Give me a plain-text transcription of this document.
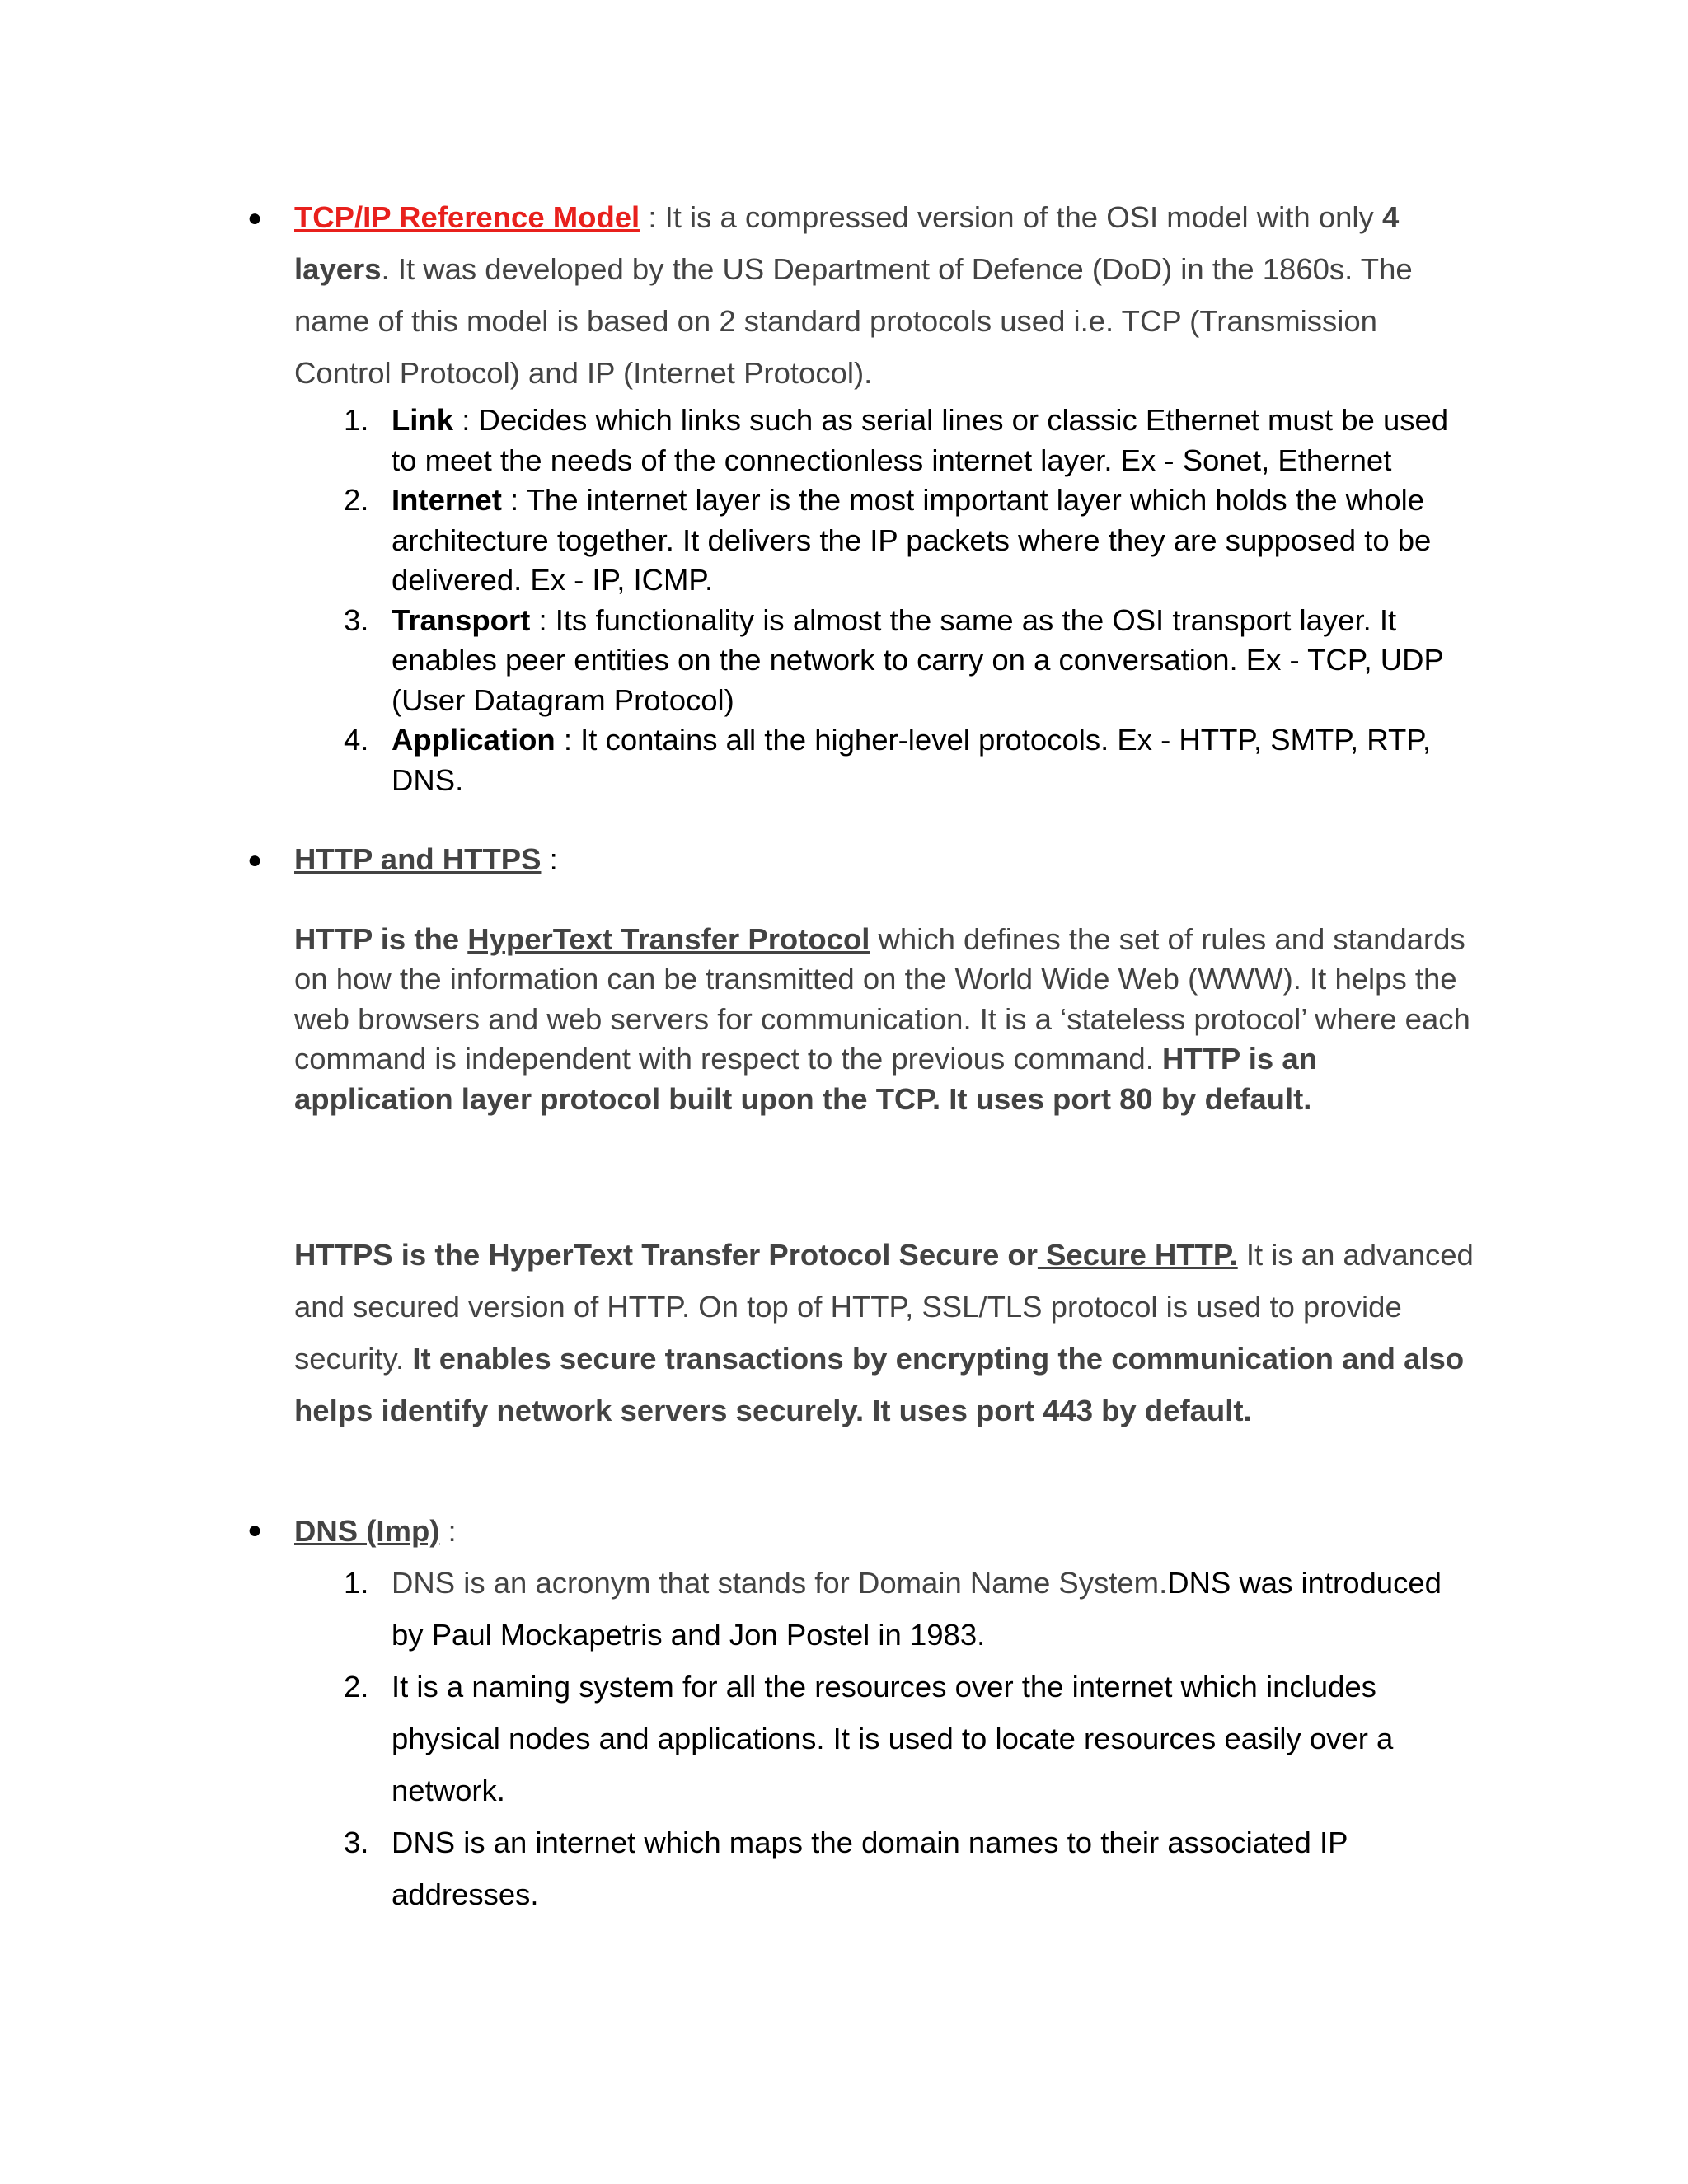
● TCP/IP Reference Model : It is a compressed version of the OSI model with only 4 layers. It was developed by the US Department of Defence (DoD) in the 1860s. The name of this model is based on 2 standard protocols used i.e. TCP (Transmission Control Protocol) and IP (Internet Protocol).

1. Link : Decides which links such as serial lines or classic Ethernet must be used to meet the needs of the connectionless internet layer. Ex - Sonet, Ethernet
2. Internet : The internet layer is the most important layer which holds the whole architecture together. It delivers the IP packets where they are supposed to be delivered. Ex - IP, ICMP.
3. Transport : Its functionality is almost the same as the OSI transport layer. It enables peer entities on the network to carry on a conversation. Ex - TCP, UDP (User Datagram Protocol)
4. Application : It contains all the higher-level protocols. Ex - HTTP, SMTP, RTP, DNS.
● HTTP and HTTPS :

HTTP is the HyperText Transfer Protocol which defines the set of rules and standards on how the information can be transmitted on the World Wide Web (WWW). It helps the web browsers and web servers for communication. It is a ‘stateless protocol’ where each command is independent with respect to the previous command. HTTP is an application layer protocol built upon the TCP. It uses port 80 by default.

HTTPS is the HyperText Transfer Protocol Secure or Secure HTTP. It is an advanced and secured version of HTTP. On top of HTTP, SSL/TLS protocol is used to provide security. It enables secure transactions by encrypting the communication and also helps identify network servers securely. It uses port 443 by default.

● DNS (Imp) :

1. DNS is an acronym that stands for Domain Name System.DNS was introduced by Paul Mockapetris and Jon Postel in 1983.
2. It is a naming system for all the resources over the internet which includes physical nodes and applications. It is used to locate resources easily over a network.
3. DNS is an internet which maps the domain names to their associated IP addresses.
